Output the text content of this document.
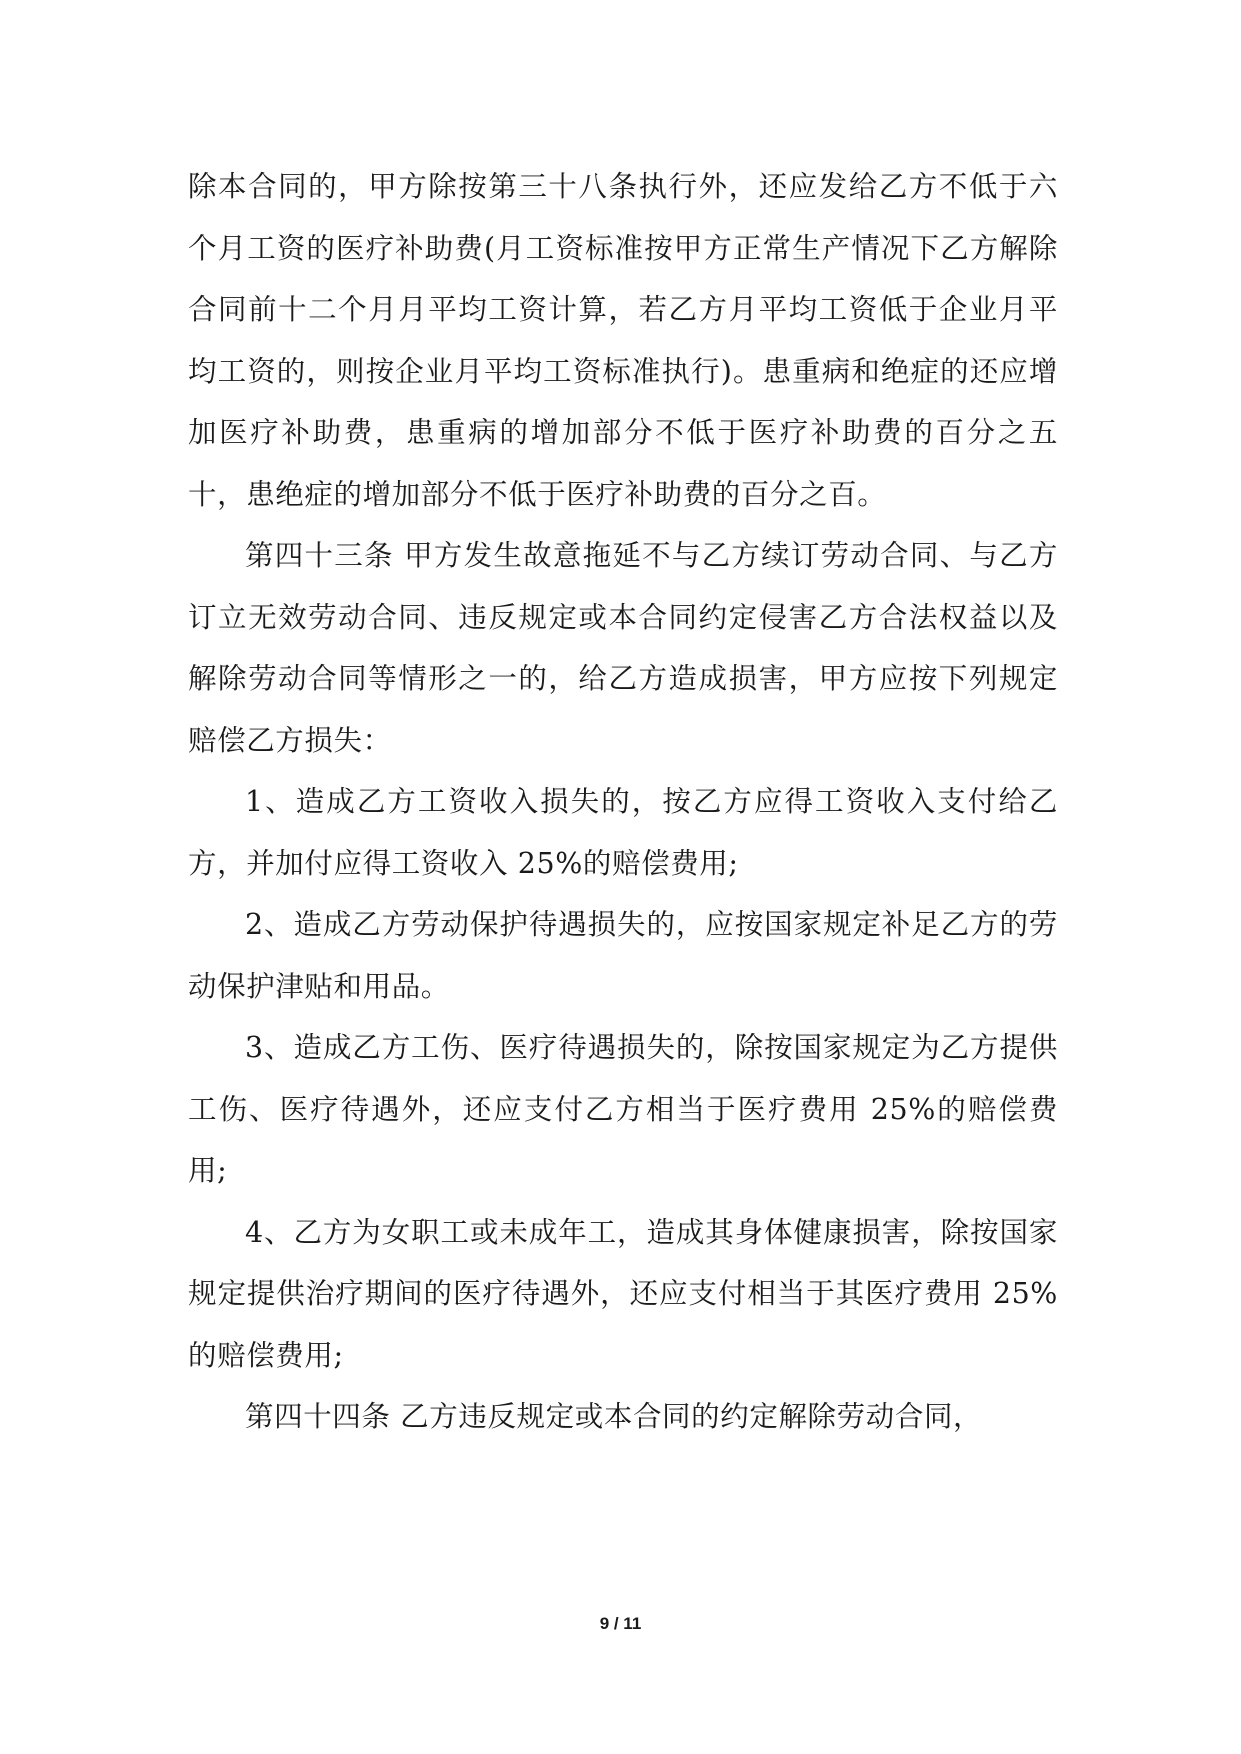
除本合同的，甲方除按第三十八条执行外，还应发给乙方不低于六个月工资的医疗补助费(月工资标准按甲方正常生产情况下乙方解除合同前十二个月月平均工资计算，若乙方月平均工资低于企业月平均工资的，则按企业月平均工资标准执行)。患重病和绝症的还应增加医疗补助费，患重病的增加部分不低于医疗补助费的百分之五十，患绝症的增加部分不低于医疗补助费的百分之百。

第四十三条 甲方发生故意拖延不与乙方续订劳动合同、与乙方订立无效劳动合同、违反规定或本合同约定侵害乙方合法权益以及解除劳动合同等情形之一的，给乙方造成损害，甲方应按下列规定赔偿乙方损失：

1、造成乙方工资收入损失的，按乙方应得工资收入支付给乙方，并加付应得工资收入 25%的赔偿费用;

2、造成乙方劳动保护待遇损失的，应按国家规定补足乙方的劳动保护津贴和用品。

3、造成乙方工伤、医疗待遇损失的，除按国家规定为乙方提供工伤、医疗待遇外，还应支付乙方相当于医疗费用 25%的赔偿费用;

4、乙方为女职工或未成年工，造成其身体健康损害，除按国家规定提供治疗期间的医疗待遇外，还应支付相当于其医疗费用 25%的赔偿费用;

第四十四条 乙方违反规定或本合同的约定解除劳动合同，

9 / 11
